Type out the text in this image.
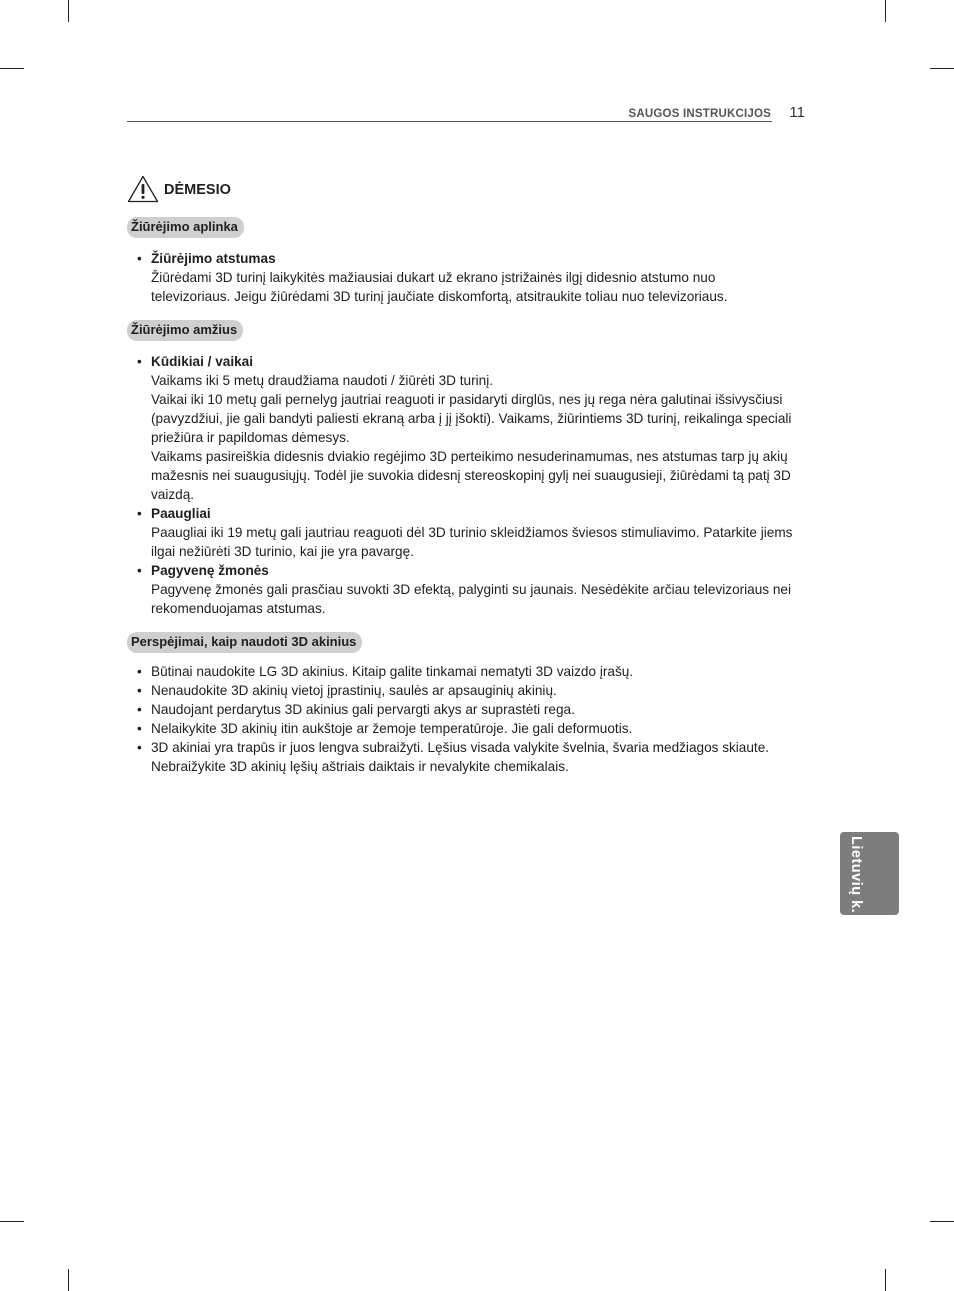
SAUGOS INSTRUKCIJOS 11
DĖMESIO
Žiūrėjimo aplinka
• Žiūrėjimo atstumas

Žiūrėdami 3D turinį laikykitės mažiausiai dukart už ekrano įstrižainės ilgį didesnio atstumo nuo televizoriaus. Jeigu žiūrėdami 3D turinį jaučiate diskomfortą, atsitraukite toliau nuo televizoriaus.

Žiūrėjimo amžius
• Kūdikiai / vaikai

Vaikams iki 5 metų draudžiama naudoti / žiūrėti 3D turinį.

Vaikai iki 10 metų gali pernelyg jautriai reaguoti ir pasidaryti dirglūs, nes jų rega nėra galutinai išsivysčiusi (pavyzdžiui, jie gali bandyti paliesti ekraną arba į jį įšokti). Vaikams, žiūrintiems 3D turinį, reikalinga speciali priežiūra ir papildomas dėmesys.

Vaikams pasireiškia didesnis dviakio regėjimo 3D perteikimo nesuderinamumas, nes atstumas tarp jų akių mažesnis nei suaugusiųjų. Todėl jie suvokia didesnį stereoskopinį gylį nei suaugusieji, žiūrėdami tą patį 3D vaizdą.

• Paaugliai

Paaugliai iki 19 metų gali jautriau reaguoti dėl 3D turinio skleidžiamos šviesos stimuliavimo. Patarkite jiems ilgai nežiūrėti 3D turinio, kai jie yra pavargę.

• Pagyvenę žmonės

Pagyvenę žmonės gali prasčiau suvokti 3D efektą, palyginti su jaunais. Nesėdėkite arčiau televizoriaus nei rekomenduojamas atstumas.

Perspėjimai, kaip naudoti 3D akinius
• Būtinai naudokite LG 3D akinius. Kitaip galite tinkamai nematyti 3D vaizdo įrašų.
• Nenaudokite 3D akinių vietoj įprastinių, saulės ar apsauginių akinių.
• Naudojant perdarytus 3D akinius gali pervargti akys ar suprastėti rega.
• Nelaikykite 3D akinių itin aukštoje ar žemoje temperatūroje. Jie gali deformuotis.
• 3D akiniai yra trapūs ir juos lengva subraižyti. Lęšius visada valykite švelnia, švaria medžiagos skiaute. Nebraižykite 3D akinių lęšių aštriais daiktais ir nevalykite chemikalais.
Lietuvių k.
